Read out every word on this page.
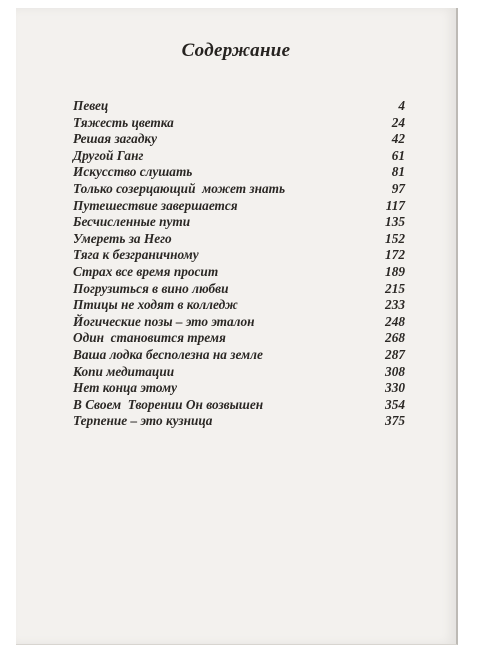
Содержание
Певец	4
Тяжесть цветка	24
Решая загадку	42
Другой Ганг	61
Искусство слушать	81
Только созерцающий  может знать	97
Путешествие завершается	117
Бесчисленные пути	135
Умереть за Него	152
Тяга к безграничному	172
Страх все время просит	189
Погрузиться в вино любви	215
Птицы не ходят в колледж	233
Йогические позы – это эталон	248
Один  становится тремя	268
Ваша лодка бесполезна на земле	287
Копи медитации	308
Нет конца этому	330
В Своем  Творении Он возвышен	354
Терпение – это кузница	375
